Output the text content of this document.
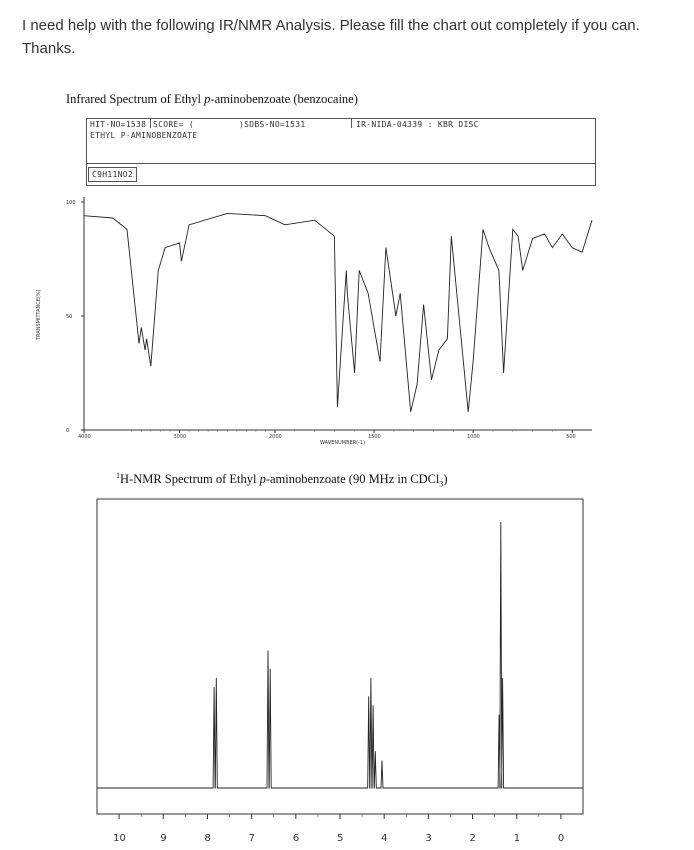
I need help with the following IR/NMR Analysis. Please fill the chart out completely if you can. Thanks.
Infrared Spectrum of Ethyl p-aminobenzoate (benzocaine)
HIT-NO=1538 SCORE= (	)SDBS-NO=1531	IR-NIDA-04339 : KBR DISC
ETHYL P-AMINOBENZOATE
C9H11NO2
TRANSMITTANCE(%)
100
50
0
4000	3000	2000	1500	1000	500
WAVENUMBER(-1)
$^1$H-NMR Spectrum of Ethyl p-aminobenzoate (90 MHz in CDCl$_3$)
10	9	8	7	6	5	4	3	2	1	0
